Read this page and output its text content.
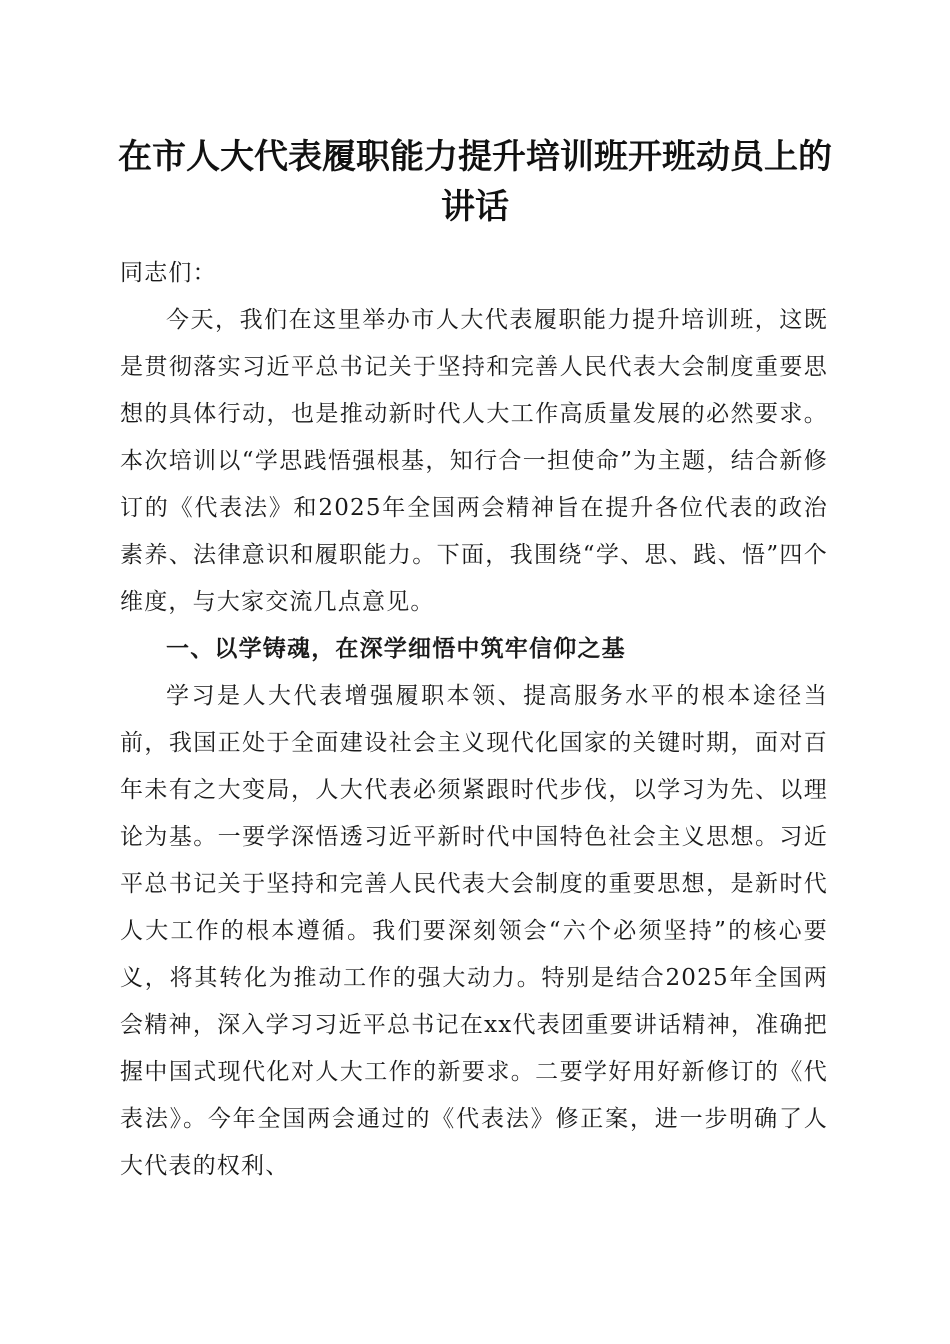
在市人大代表履职能力提升培训班开班动员上的讲话

同志们：

今天，我们在这里举办市人大代表履职能力提升培训班，这既是贯彻落实习近平总书记关于坚持和完善人民代表大会制度重要思想的具体行动，也是推动新时代人大工作高质量发展的必然要求。本次培训以“学思践悟强根基，知行合一担使命”为主题，结合新修订的《代表法》和2025年全国两会精神旨在提升各位代表的政治素养、法律意识和履职能力。下面，我围绕“学、思、践、悟”四个维度，与大家交流几点意见。

一、以学铸魂，在深学细悟中筑牢信仰之基

学习是人大代表增强履职本领、提高服务水平的根本途径当前，我国正处于全面建设社会主义现代化国家的关键时期，面对百年未有之大变局，人大代表必须紧跟时代步伐，以学习为先、以理论为基。一要学深悟透习近平新时代中国特色社会主义思想。习近平总书记关于坚持和完善人民代表大会制度的重要思想，是新时代人大工作的根本遵循。我们要深刻领会“六个必须坚持”的核心要义，将其转化为推动工作的强大动力。特别是结合2025年全国两会精神，深入学习习近平总书记在xx代表团重要讲话精神，准确把握中国式现代化对人大工作的新要求。二要学好用好新修订的《代表法》。今年全国两会通过的《代表法》修正案，进一步明确了人大代表的权利、
